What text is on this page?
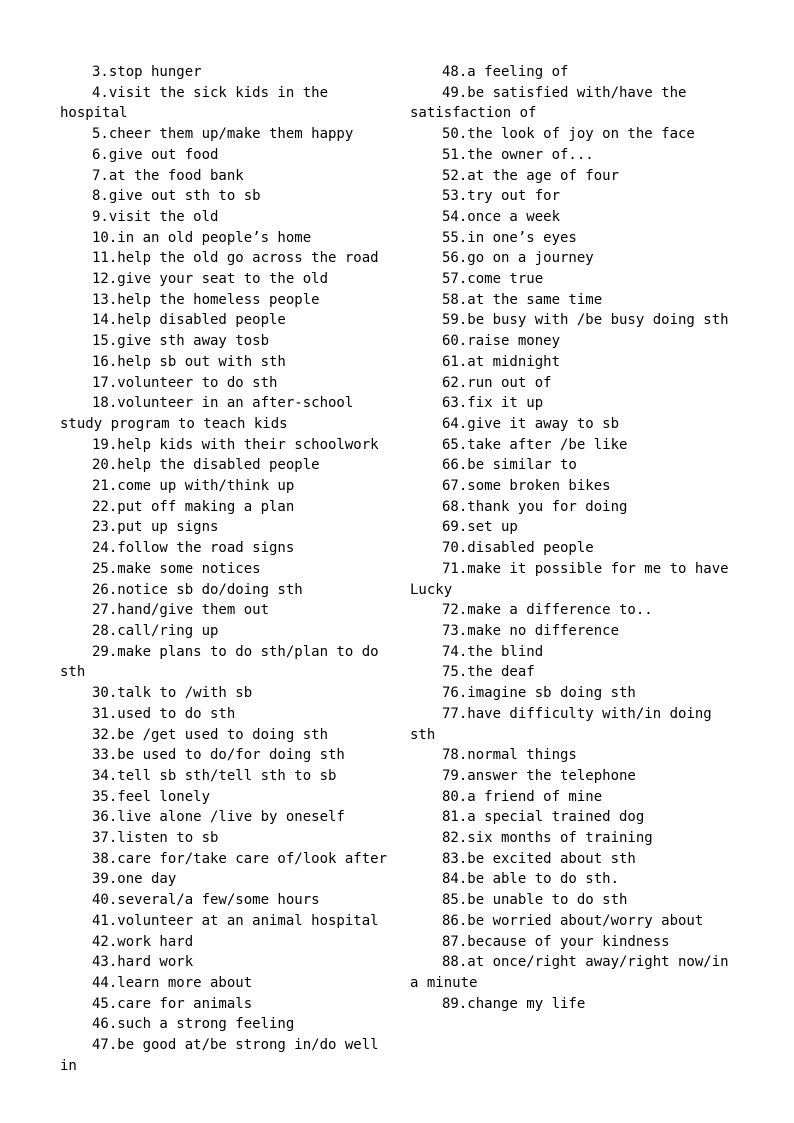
3.stop hunger

4.visit the sick kids in the hospital

5.cheer them up/make them happy

6.give out food

7.at the food bank

8.give out sth to sb

9.visit the old

10.in an old people’s home

11.help the old go across the road

12.give your seat to the old

13.help the homeless people

14.help disabled people

15.give sth away tosb

16.help sb out with sth

17.volunteer to do sth

18.volunteer in an after-school study program to teach kids

19.help kids with their schoolwork

20.help the disabled people

21.come up with/think up

22.put off making a plan

23.put up signs

24.follow the road signs

25.make some notices

26.notice sb do/doing sth

27.hand/give them out

28.call/ring up

29.make plans to do sth/plan to do sth

30.talk to /with sb

31.used to do sth

32.be /get used to doing sth

33.be used to do/for doing sth

34.tell sb sth/tell sth to sb

35.feel lonely

36.live alone /live by oneself

37.listen to sb

38.care for/take care of/look after

39.one day

40.several/a few/some hours

41.volunteer at an animal hospital

42.work hard

43.hard work

44.learn more about

45.care for animals

46.such a strong feeling

47.be good at/be strong in/do well in

48.a feeling of

49.be satisfied with/have the satisfaction of

50.the look of joy on the face

51.the owner of...

52.at the age of four

53.try out for

54.once a week

55.in one’s eyes

56.go on a journey

57.come true

58.at the same time

59.be busy with /be busy doing sth

60.raise money

61.at midnight

62.run out of

63.fix it up

64.give it away to sb

65.take after /be like

66.be similar to

67.some broken bikes

68.thank you for doing

69.set up

70.disabled people

71.make it possible for me to have Lucky

72.make a difference to..

73.make no difference

74.the blind

75.the deaf

76.imagine sb doing sth

77.have difficulty with/in doing sth

78.normal things

79.answer the telephone

80.a friend of mine

81.a special trained dog

82.six months of training

83.be excited about sth

84.be able to do sth.

85.be unable to do sth

86.be worried about/worry about

87.because of your kindness

88.at once/right away/right now/in a minute

89.change my life
